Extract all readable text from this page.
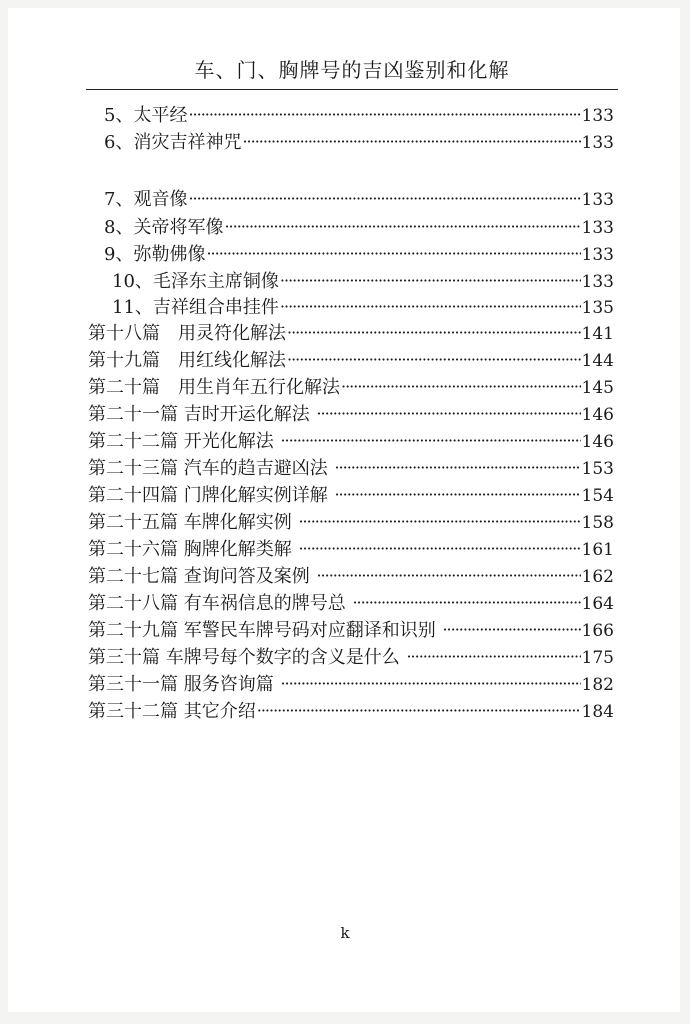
车、门、胸牌号的吉凶鉴别和化解
5、太平经 ·····	133
6、消灾吉祥神咒 ·····	133
7、观音像 ·····	133
8、关帝将军像 ·····	133
9、弥勒佛像 ·····	133
10、毛泽东主席铜像 ·····	133
11、吉祥组合串挂件 ·····	135
第十八篇　用灵符化解法 ·····	141
第十九篇　用红线化解法 ·····	144
第二十篇　用生肖年五行化解法 ·····	145
第二十一篇 吉时开运化解法 ·····	146
第二十二篇 开光化解法 ·····	146
第二十三篇 汽车的趋吉避凶法 ·····	153
第二十四篇 门牌化解实例详解 ·····	154
第二十五篇 车牌化解实例 ·····	158
第二十六篇 胸牌化解类解 ·····	161
第二十七篇 查询问答及案例 ·····	162
第二十八篇 有车祸信息的牌号总 ·····	164
第二十九篇 军警民车牌号码对应翻译和识别 ·····	166
第三十篇 车牌号每个数字的含义是什么 ·····	175
第三十一篇 服务咨询篇 ·····	182
第三十二篇 其它介绍 ·····	184
k
